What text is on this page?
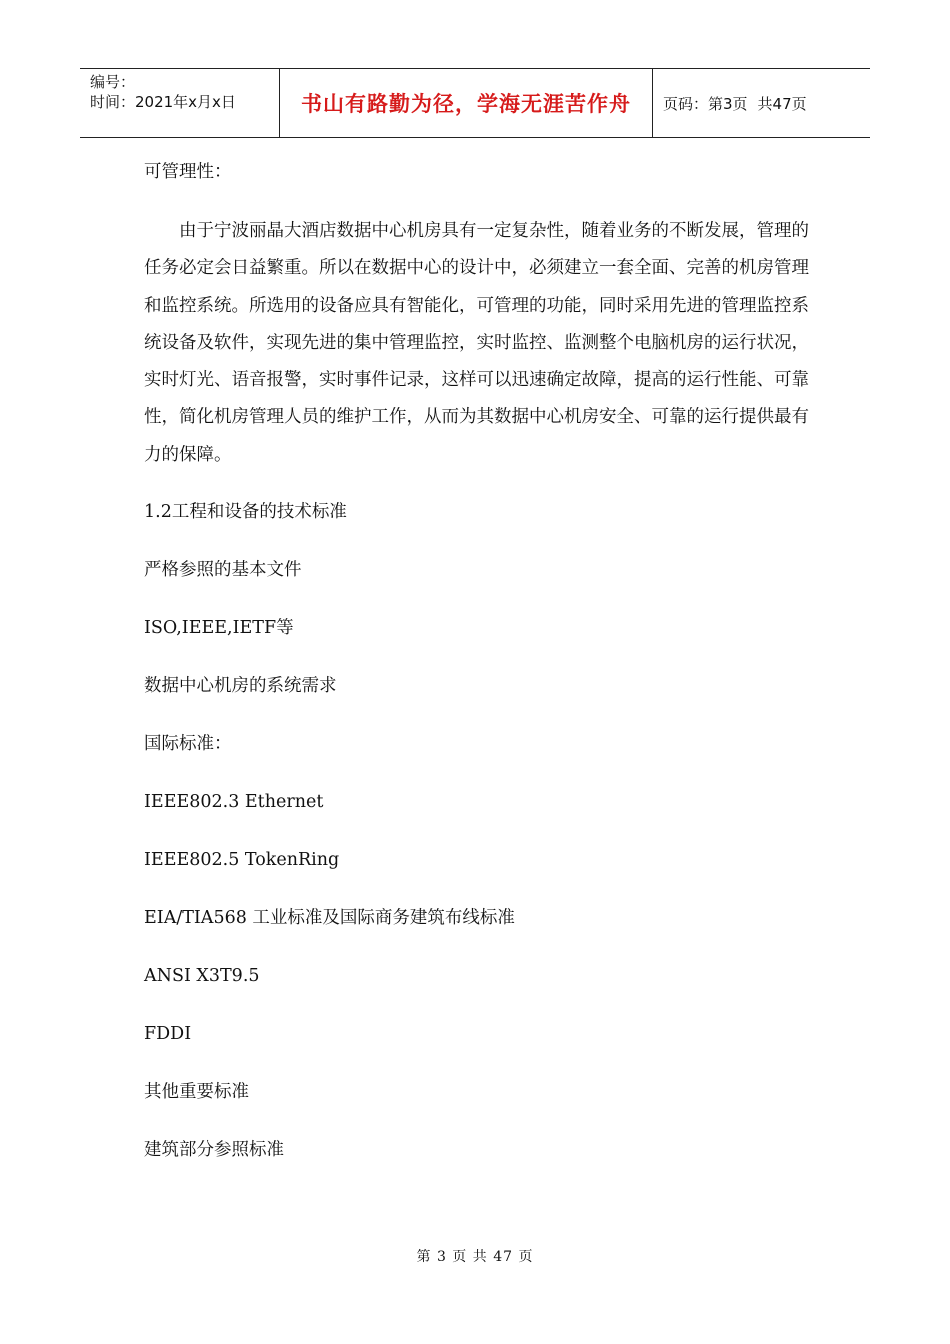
编号：
时间：2021年x月x日	书山有路勤为径，学海无涯苦作舟	页码：第3页 共47页

可管理性：

由于宁波丽晶大酒店数据中心机房具有一定复杂性，随着业务的不断发展，管理的任务必定会日益繁重。所以在数据中心的设计中，必须建立一套全面、完善的机房管理和监控系统。所选用的设备应具有智能化，可管理的功能，同时采用先进的管理监控系统设备及软件，实现先进的集中管理监控，实时监控、监测整个电脑机房的运行状况，实时灯光、语音报警，实时事件记录，这样可以迅速确定故障，提高的运行性能、可靠性，简化机房管理人员的维护工作，从而为其数据中心机房安全、可靠的运行提供最有力的保障。

1.2工程和设备的技术标准

严格参照的基本文件

ISO,IEEE,IETF等

数据中心机房的系统需求

国际标准：

IEEE802.3 Ethernet

IEEE802.5 TokenRing

EIA/TIA568 工业标准及国际商务建筑布线标准

ANSI X3T9.5

FDDI

其他重要标准

建筑部分参照标准

第 3 页 共 47 页
